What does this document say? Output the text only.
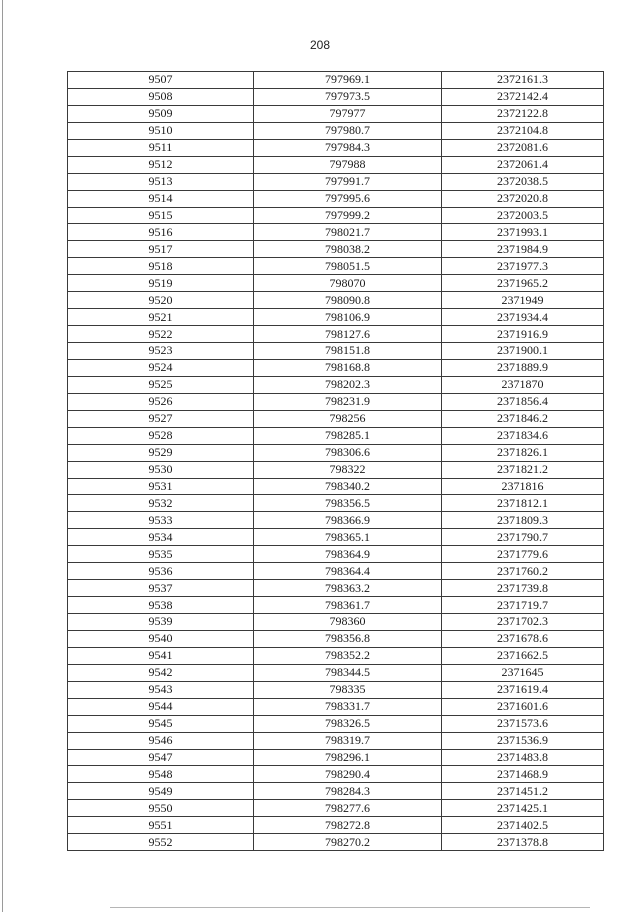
208
9507	797969.1	2372161.3
9508	797973.5	2372142.4
9509	797977	2372122.8
9510	797980.7	2372104.8
9511	797984.3	2372081.6
9512	797988	2372061.4
9513	797991.7	2372038.5
9514	797995.6	2372020.8
9515	797999.2	2372003.5
9516	798021.7	2371993.1
9517	798038.2	2371984.9
9518	798051.5	2371977.3
9519	798070	2371965.2
9520	798090.8	2371949
9521	798106.9	2371934.4
9522	798127.6	2371916.9
9523	798151.8	2371900.1
9524	798168.8	2371889.9
9525	798202.3	2371870
9526	798231.9	2371856.4
9527	798256	2371846.2
9528	798285.1	2371834.6
9529	798306.6	2371826.1
9530	798322	2371821.2
9531	798340.2	2371816
9532	798356.5	2371812.1
9533	798366.9	2371809.3
9534	798365.1	2371790.7
9535	798364.9	2371779.6
9536	798364.4	2371760.2
9537	798363.2	2371739.8
9538	798361.7	2371719.7
9539	798360	2371702.3
9540	798356.8	2371678.6
9541	798352.2	2371662.5
9542	798344.5	2371645
9543	798335	2371619.4
9544	798331.7	2371601.6
9545	798326.5	2371573.6
9546	798319.7	2371536.9
9547	798296.1	2371483.8
9548	798290.4	2371468.9
9549	798284.3	2371451.2
9550	798277.6	2371425.1
9551	798272.8	2371402.5
9552	798270.2	2371378.8
